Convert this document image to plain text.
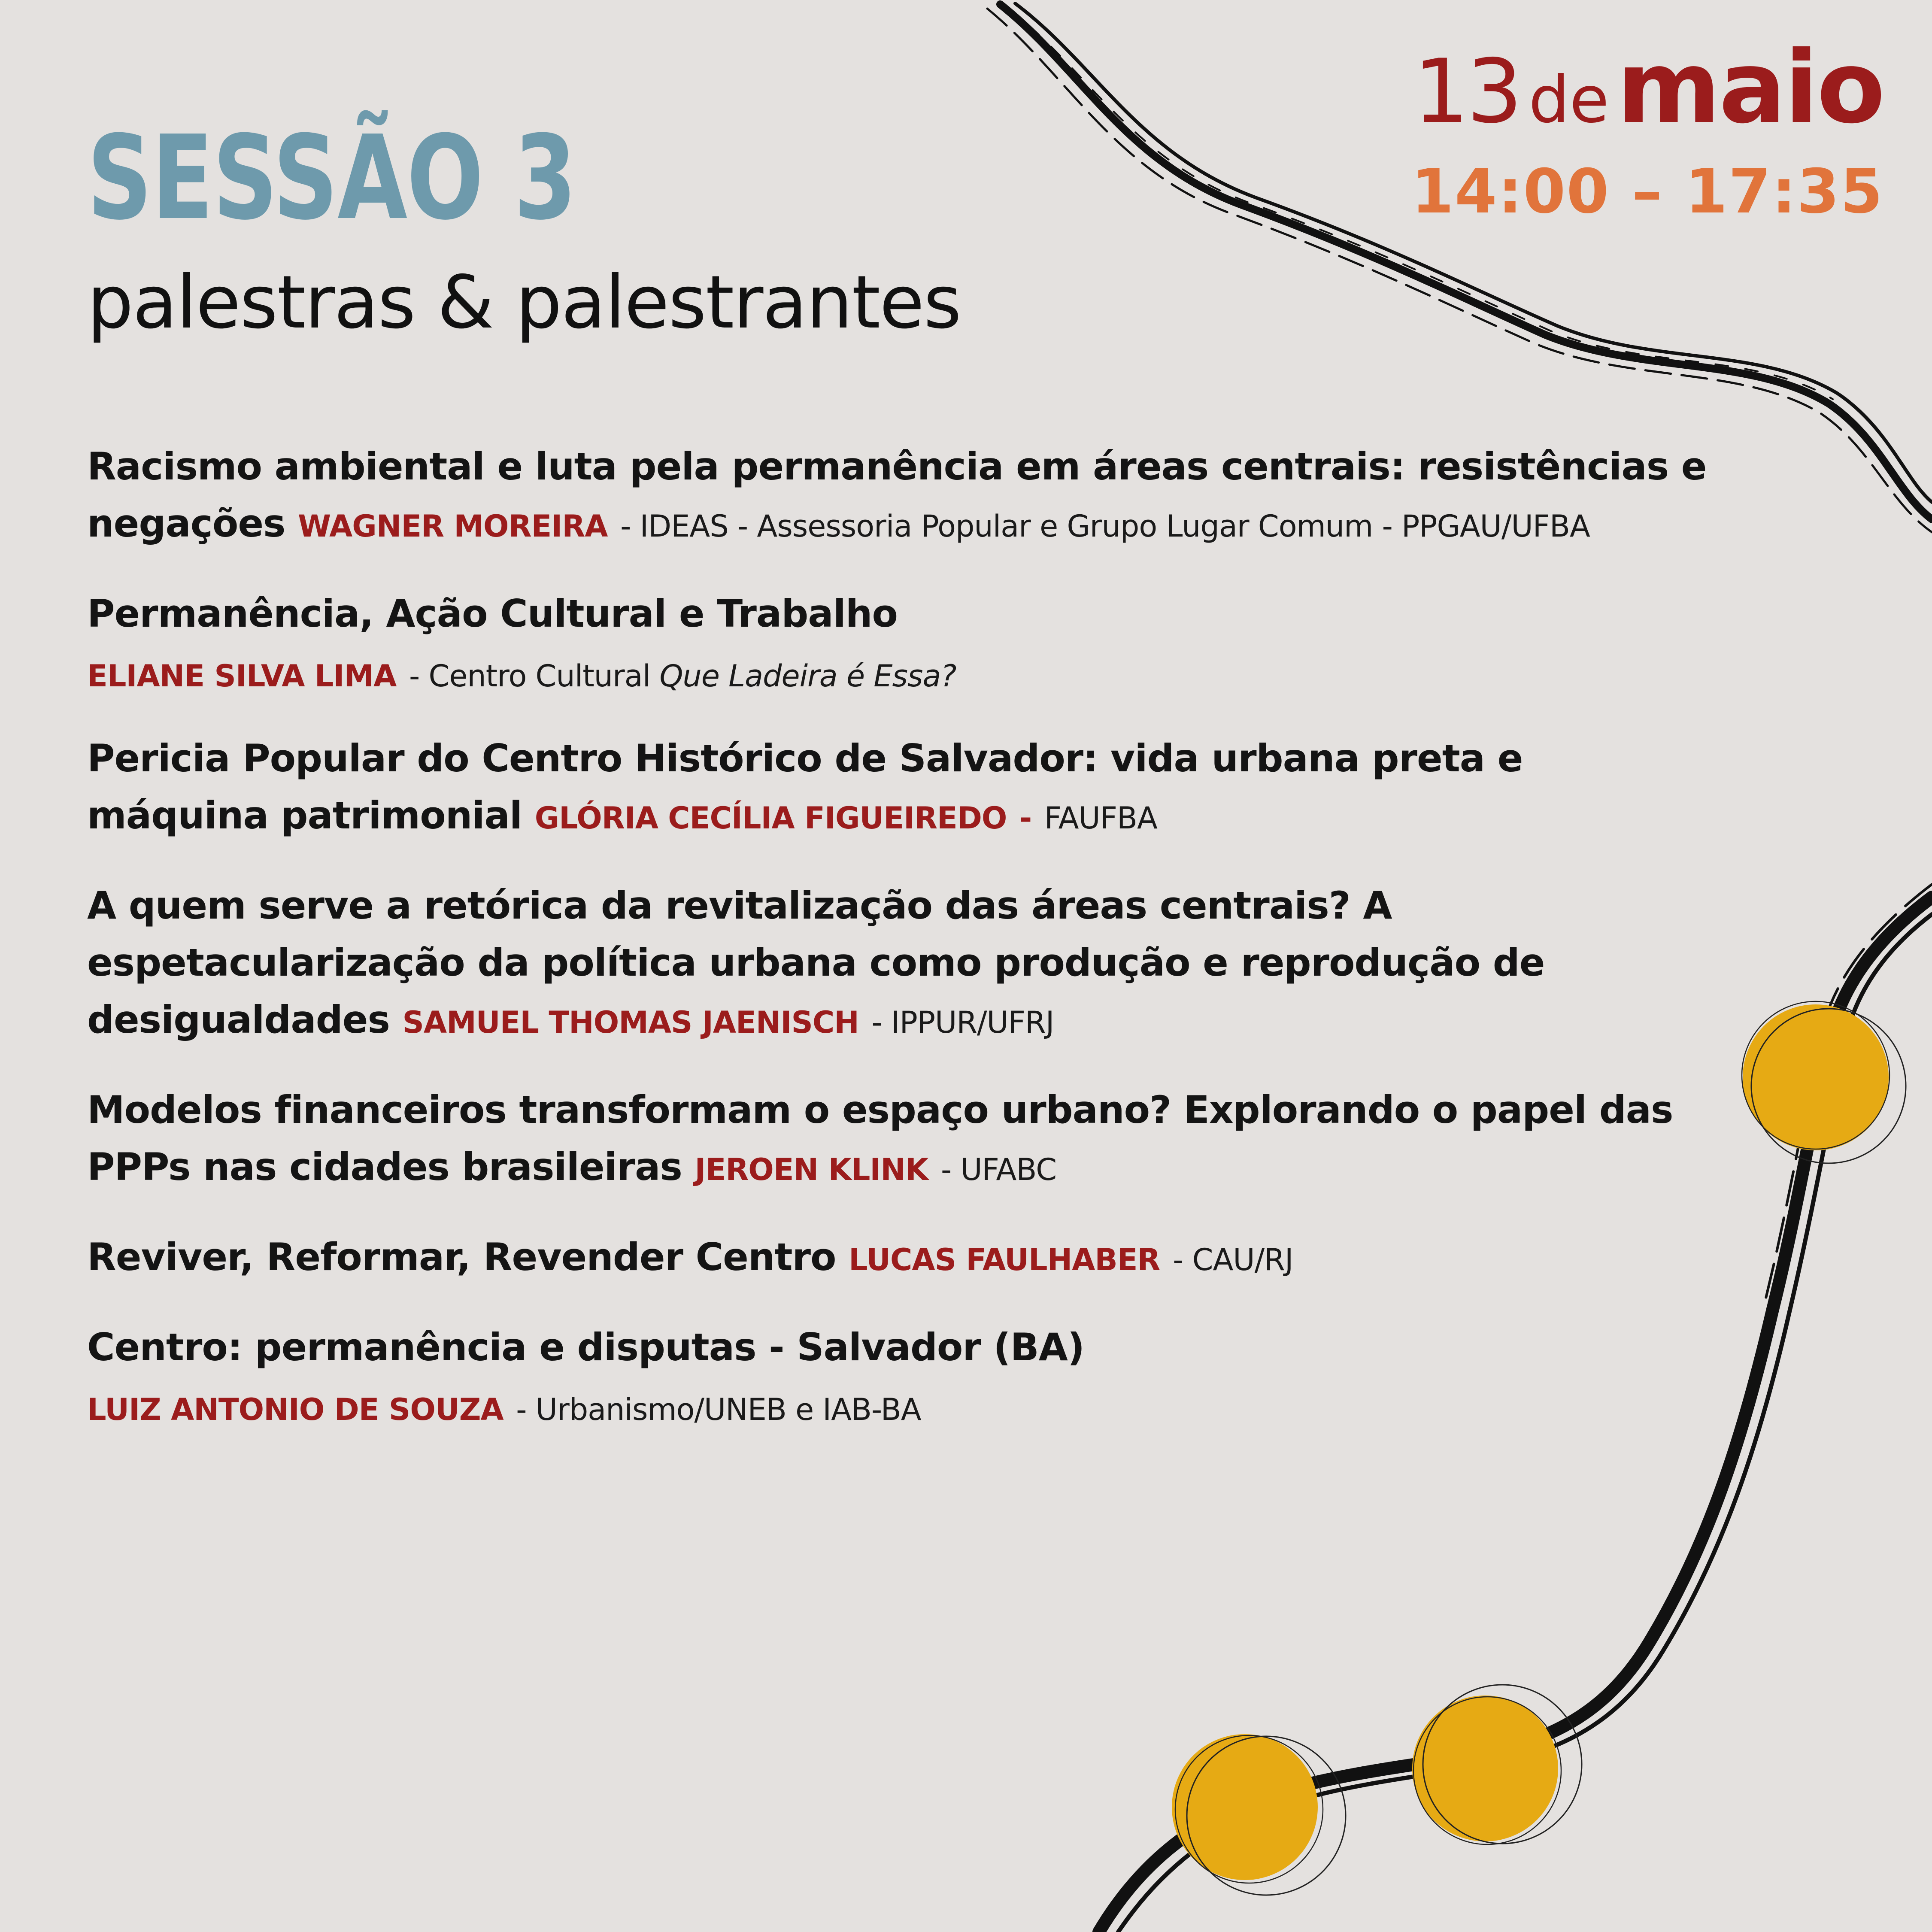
SESSÃO 3
palestras & palestrantes
13 demaio
14:00 – 17:35
Racismo ambiental e luta pela permanência em áreas centrais: resistências e negações WAGNER MOREIRA - IDEAS - Assessoria Popular e Grupo Lugar Comum - PPGAU/UFBA
Permanência, Ação Cultural e Trabalho
ELIANE SILVA LIMA - Centro Cultural Que Ladeira é Essa?
Pericia Popular do Centro Histórico de Salvador: vida urbana preta e máquina patrimonial GLÓRIA CECÍLIA FIGUEIREDO - FAUFBA
A quem serve a retórica da revitalização das áreas centrais? A espetacularização da política urbana como produção e reprodução de desigualdades SAMUEL THOMAS JAENISCH - IPPUR/UFRJ
Modelos financeiros transformam o espaço urbano? Explorando o papel das PPPs nas cidades brasileiras JEROEN KLINK - UFABC
Reviver, Reformar, Revender Centro LUCAS FAULHABER - CAU/RJ
Centro: permanência e disputas - Salvador (BA)
LUIZ ANTONIO DE SOUZA - Urbanismo/UNEB e IAB-BA
